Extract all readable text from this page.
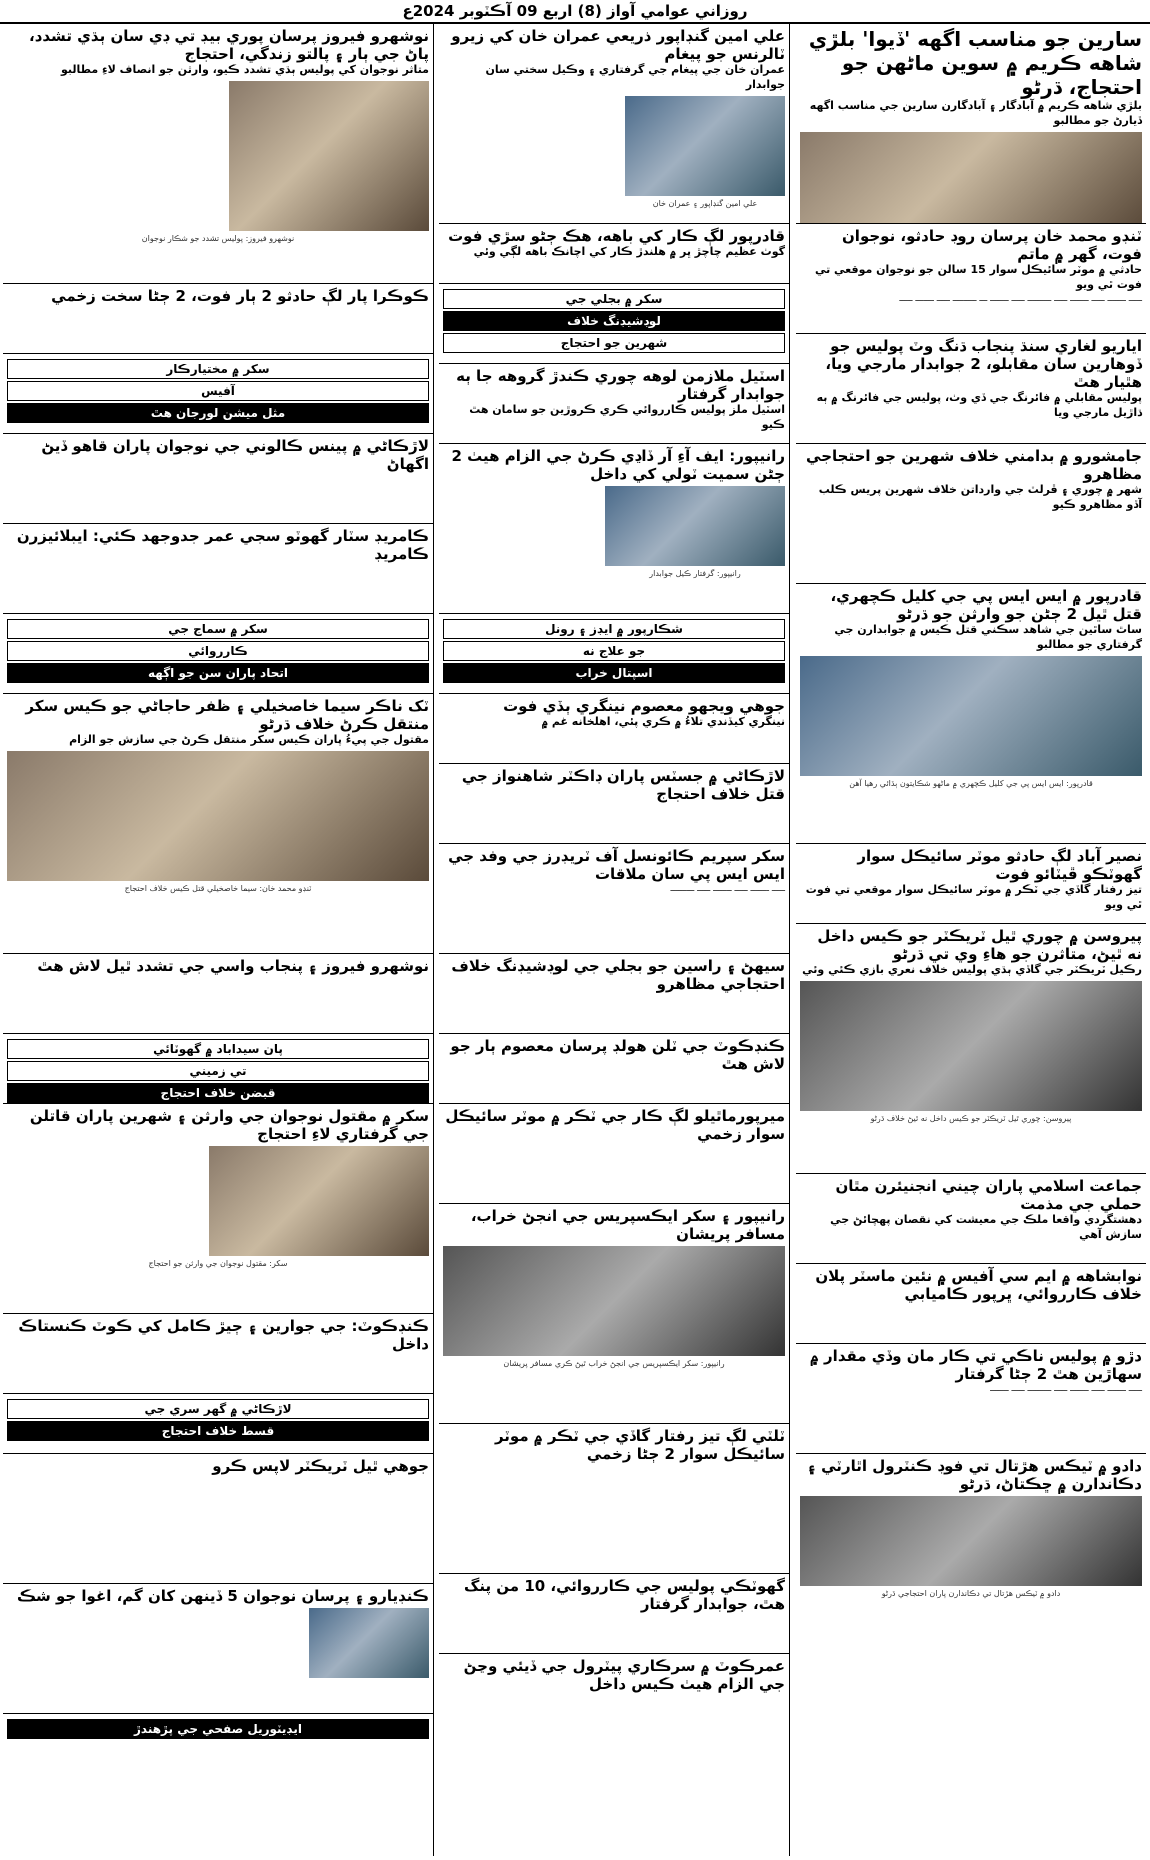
روزاني عوامي آواز (8) اربع 09 آڪٽوبر 2024ع
سارين جو مناسب اگهه 'ڏيوا' بلڙي شاهه ڪريم ۾ سوين ماڻهن جو احتجاج، ڌرڻو
بلڙي شاهه ڪريم ۾ آبادگار ۽ آبادگارن سارين جي مناسب اگهه ڏيارڻ جو مطالبو
ٽنڊو محمد خان پرسان روڊ حادثو، نوجوان فوت، گهر ۾ ماتم
حادثي ۾ موٽر سائيڪل سوار 15 سالن جو نوجوان موقعي تي فوت ٿي ويو
ـــــ ـــــــ ـــــ ـــــــ ـــــ ـــــــــ ـــــ ـــــــ ـــ ـــــــــ ـــــ ـــــــ ـــــ
اياريو لغاري سنڌ پنجاب ڌنگ وٽ پوليس جو ڏوهارين سان مقابلو، 2 جوابدار مارجي ويا، هٿيار هٿ
پوليس مقابلي ۾ فائرنگ جي ڏي وٺ، پوليس جي فائرنگ ۾ ٻه ڌاڙيل مارجي ويا
جامشورو ۾ بدامني خلاف شهرين جو احتجاجي مظاهرو
شهر ۾ چوري ۽ ڦرلٽ جي وارداتن خلاف شهرين پريس ڪلب آڏو مظاهرو ڪيو
قادرپور ۾ ايس ايس پي جي کليل ڪچهري، قتل ٿيل 2 ڄڻن جو وارثن جو ڌرڻو
ساٿ ساٿين جي شاهد سڪني قتل ڪيس ۾ جوابدارن جي گرفتاري جو مطالبو
قادرپور: ايس ايس پي جي کليل ڪچهري ۾ ماڻهو شڪايتون ٻڌائي رهيا آهن
نصير آباد لڳ حادثو موٽر سائيڪل سوار گهوٽڪو ڦيٽائو فوت
تيز رفتار گاڏي جي ٽڪر ۾ موٽر سائيڪل سوار موقعي تي فوت ٿي ويو
پيروسن ۾ چوري ٿيل ٽريڪٽر جو ڪيس داخل نه ٿيڻ، متاثرن جو هاءِ وي تي ڌرڻو
رڪيل ٽريڪٽر جي گاڏي ٻڌي پوليس خلاف نعري بازي ڪئي وئي
پيروسن: چوري ٿيل ٽريڪٽر جو ڪيس داخل نه ٿيڻ خلاف ڌرڻو
جماعت اسلامي پاران چيني انجنيئرن مٿان حملي جي مذمت
دهشتگردي واقعا ملڪ جي معيشت کي نقصان پهچائڻ جي سازش آهي
نوابشاهه ۾ ايم سي آفيس ۾ نئين ماسٽر پلان خلاف ڪارروائي، ڀرپور ڪاميابي
دڙو ۾ پوليس ناڪي تي ڪار مان وڏي مقدار ۾ سهاڙين هٿ 2 ڄڻا گرفتار
ـــــ ـــــــ ـــــ ـــــــ ـــــ ـــــــــ ـــــ ـــــــ
دادو ۾ ٽيڪس هڙتال تي فوڊ ڪنٽرول اٿارٽي ۽ دڪاندارن ۾ ڇڪتاڻ، ڌرڻو
دادو ۾ ٽيڪس هڙتال تي دڪاندارن پاران احتجاجي ڌرڻو
علي امين گنڊاپور ذريعي عمران خان کي زيرو ٽالرنس جو پيغام
عمران خان جي پيغام جي گرفتاري ۽ وڪيل سختي سان جوابدار
علي امين گنڊاپور ۽ عمران خان
قادرپور لڳ ڪار کي باهه، هڪ ڄڻو سڙي فوت
گوٺ عظيم چاچڙ ڀر ۾ هلندڙ ڪار کي اچانڪ باهه لڳي وئي
سکر ۾ بجلي جي
لوڊشيڊنگ خلاف
شهرين جو احتجاج
اسٽيل ملازمن لوهه چوري ڪندڙ گروهه جا ٻه جوابدار گرفتار
اسٽيل ملز پوليس ڪارروائي ڪري ڪروڙين جو سامان هٿ ڪيو
رانيپور: ايف آءِ آر ڏاڍي ڪرڻ جي الزام هيٺ 2 ڄڻن سميت ٽولي کي داخل
رانيپور: گرفتار ڪيل جوابدار
شڪارپور ۾ ايڊز ۽ رونل
جو علاج نه
اسپتال خراب
جوهي ويجهو معصوم نينگري ٻڏي فوت
نينگري کيڏندي تلاءُ ۾ ڪري پئي، اهلخانه غم ۾
لاڙڪاڻي ۾ جسٽس پاران ڊاڪٽر شاهنواز جي قتل خلاف احتجاج
سکر سپريم ڪائونسل آف ٽريڊرز جي وفد جي ايس ايس پي سان ملاقات
ـــــ ـــــــ ـــــ ـــــــ ـــــ ـــــــــ
سيهڻ ۽ راسين جو بجلي جي لوڊشيڊنگ خلاف احتجاجي مظاهرو
ڪنڊڪوٽ جي ٽلن هولڊ پرسان معصوم ٻار جو لاش هٿ
ميرپورماٿيلو لڳ ڪار جي ٽڪر ۾ موٽر سائيڪل سوار زخمي
رانيپور ۽ سکر ايڪسپريس جي انجڻ خراب، مسافر پريشان
رانيپور: سکر ايڪسپريس جي انجڻ خراب ٿيڻ ڪري مسافر پريشان
ٽلٽي لڳ تيز رفتار گاڏي جي ٽڪر ۾ موٽر سائيڪل سوار 2 ڄڻا زخمي
گهوٽڪي پوليس جي ڪارروائي، 10 من پنگ هٿ، جوابدار گرفتار
عمرڪوٽ ۾ سرڪاري پيٽرول جي ڏيئي وڃڻ جي الزام هيٺ ڪيس داخل
نوشهرو فيروز پرسان پوري بيڊ تي ڊي سان ٻڌي تشدد، پاڻ جي ٻار ۽ پالتو زندگي، احتجاج
متاثر نوجوان کي پوليس ٻڌي تشدد ڪيو، وارثن جو انصاف لاءِ مطالبو
نوشهرو فيروز: پوليس تشدد جو شڪار نوجوان
ڪوڪرا پار لڳ حادثو 2 ٻار فوت، 2 ڄڻا سخت زخمي
سکر ۾ مختيارڪار
آفيس
مثل ميشن لورجان هٿ
لاڙڪاڻي ۾ پينس ڪالوني جي نوجوان پاران قاهو ڏيڻ اگهاڻ
ڪامريڊ سٽار گهوٽو سجي عمر جدوجهد ڪئي: ايبلائيزرن ڪامريڊ
سکر ۾ سماج جي
ڪارروائي
اتحاد پاران سن جو اڳهه
ٽک ناڪر سيما خاصخيلي ۽ ظفر حاجاڻي جو ڪيس سکر منتقل ڪرڻ خلاف ڌرڻو
مقتول جي پيءُ پاران ڪيس سکر منتقل ڪرڻ جي سازش جو الزام
ٽنڊو محمد خان: سيما خاصخيلي قتل ڪيس خلاف احتجاج
نوشهرو فيروز ۽ پنجاب واسي جي تشدد ٿيل لاش هٿ
پان سيداباد ۾ گهوٽائي
تي زميني
قبضن خلاف احتجاج
سکر ۾ مقتول نوجوان جي وارثن ۽ شهرين پاران قاتلن جي گرفتاري لاءِ احتجاج
سکر: مقتول نوجوان جي وارثن جو احتجاج
ڪنڊڪوٽ: جي جوارين ۽ ڄيڙ ڪامل کي ڪوٽ ڪنستاڪ داخل
لاڙڪاڻي ۾ گهر سري جي
قسط خلاف احتجاج
جوهي ٿيل ٽريڪٽر لاپس ڪرو
ڪنڊيارو ۽ پرسان نوجوان 5 ڏينهن کان گم، اغوا جو شڪ
ايڊيٽوريل صفحي جي پڙهندڙ
